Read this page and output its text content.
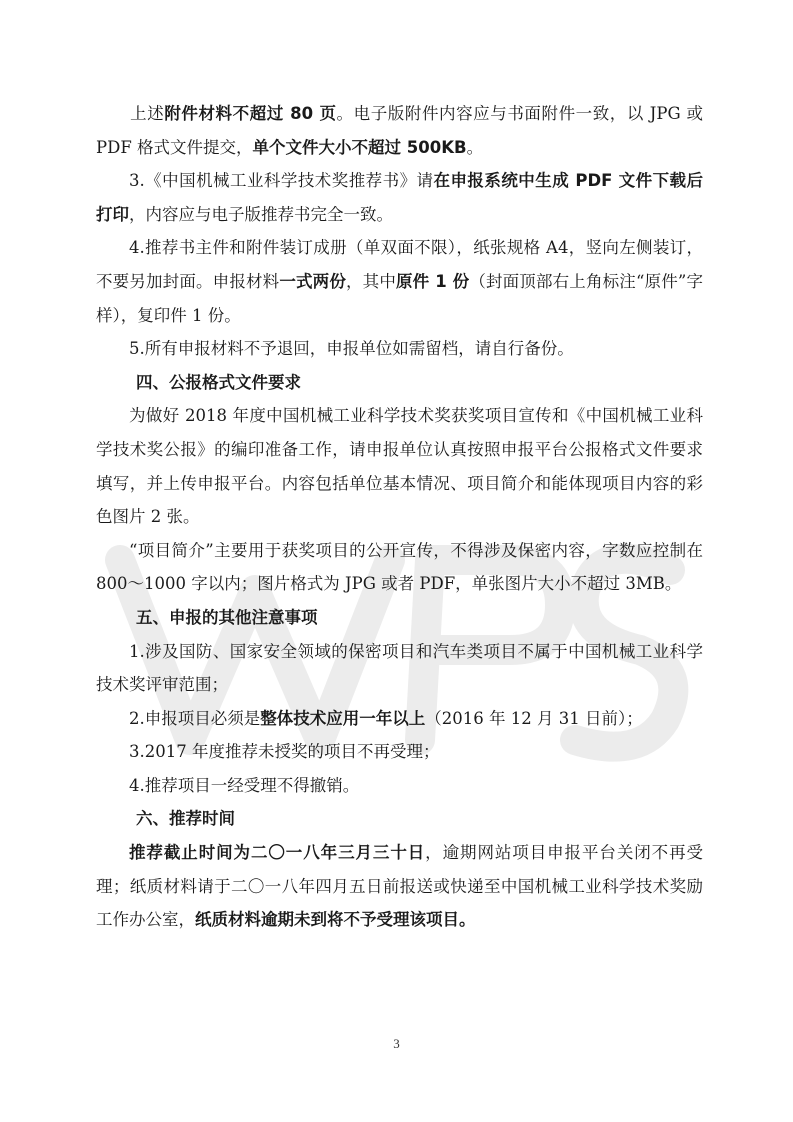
　　上述附件材料不超过 80 页。电子版附件内容应与书面附件一致，以 JPG 或 PDF 格式文件提交，单个文件大小不超过 500KB。

3.《中国机械工业科学技术奖推荐书》请在申报系统中生成 PDF 文件下载后打印，内容应与电子版推荐书完全一致。

4.推荐书主件和附件装订成册（单双面不限），纸张规格 A4，竖向左侧装订，不要另加封面。申报材料一式两份，其中原件 1 份（封面顶部右上角标注“原件”字样），复印件 1 份。

5.所有申报材料不予退回，申报单位如需留档，请自行备份。

四、公报格式文件要求

为做好 2018 年度中国机械工业科学技术奖获奖项目宣传和《中国机械工业科学技术奖公报》的编印准备工作，请申报单位认真按照申报平台公报格式文件要求填写，并上传申报平台。内容包括单位基本情况、项目简介和能体现项目内容的彩色图片 2 张。

“项目简介”主要用于获奖项目的公开宣传，不得涉及保密内容，字数应控制在 800～1000 字以内；图片格式为 JPG 或者 PDF，单张图片大小不超过 3MB。

五、申报的其他注意事项

1.涉及国防、国家安全领域的保密项目和汽车类项目不属于中国机械工业科学技术奖评审范围；

2.申报项目必须是整体技术应用一年以上（2016 年 12 月 31 日前）；

3.2017 年度推荐未授奖的项目不再受理；

4.推荐项目一经受理不得撤销。

六、推荐时间

推荐截止时间为二〇一八年三月三十日，逾期网站项目申报平台关闭不再受理；纸质材料请于二〇一八年四月五日前报送或快递至中国机械工业科学技术奖励工作办公室，纸质材料逾期未到将不予受理该项目。

3
